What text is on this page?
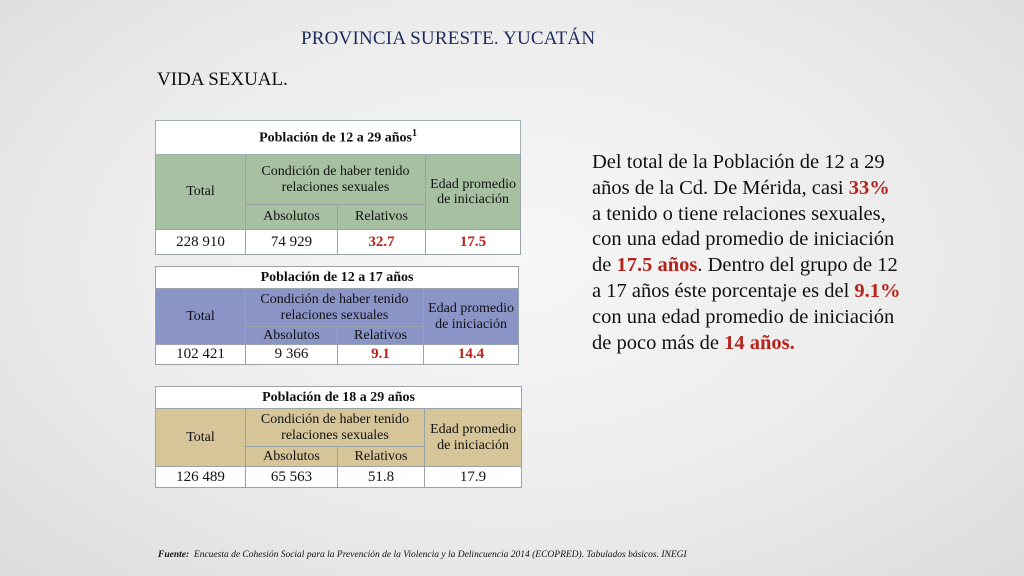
PROVINCIA SURESTE. YUCATÁN
VIDA SEXUAL.
Población de 12 a 29 años$^1$
Total	Condición de haber tenido relaciones sexuales		Edad promedio de iniciación
	Absolutos	Relativos	
228 910	74 929	32.7	17.5
Población de 12 a 17 años			
Total	Condición de haber tenido relaciones sexuales		Edad promedio de iniciación
	Absolutos	Relativos	
102 421	9 366	9.1	14.4
Población de 18 a 29 años			
Total	Condición de haber tenido relaciones sexuales		Edad promedio de iniciación
	Absolutos	Relativos	
126 489	65 563	51.8	17.9
Del total de la Población de 12 a 29 años de la Cd. De Mérida, casi 33% a tenido o tiene relaciones sexuales, con una edad promedio de iniciación de 17.5 años. Dentro del grupo de 12 a 17 años éste porcentaje es del 9.1% con una edad promedio de iniciación de poco más de 14 años.
Fuente: Encuesta de Cohesión Social para la Prevención de la Violencia y la Delincuencia 2014 (ECOPRED). Tabulados básicos. INEGI
